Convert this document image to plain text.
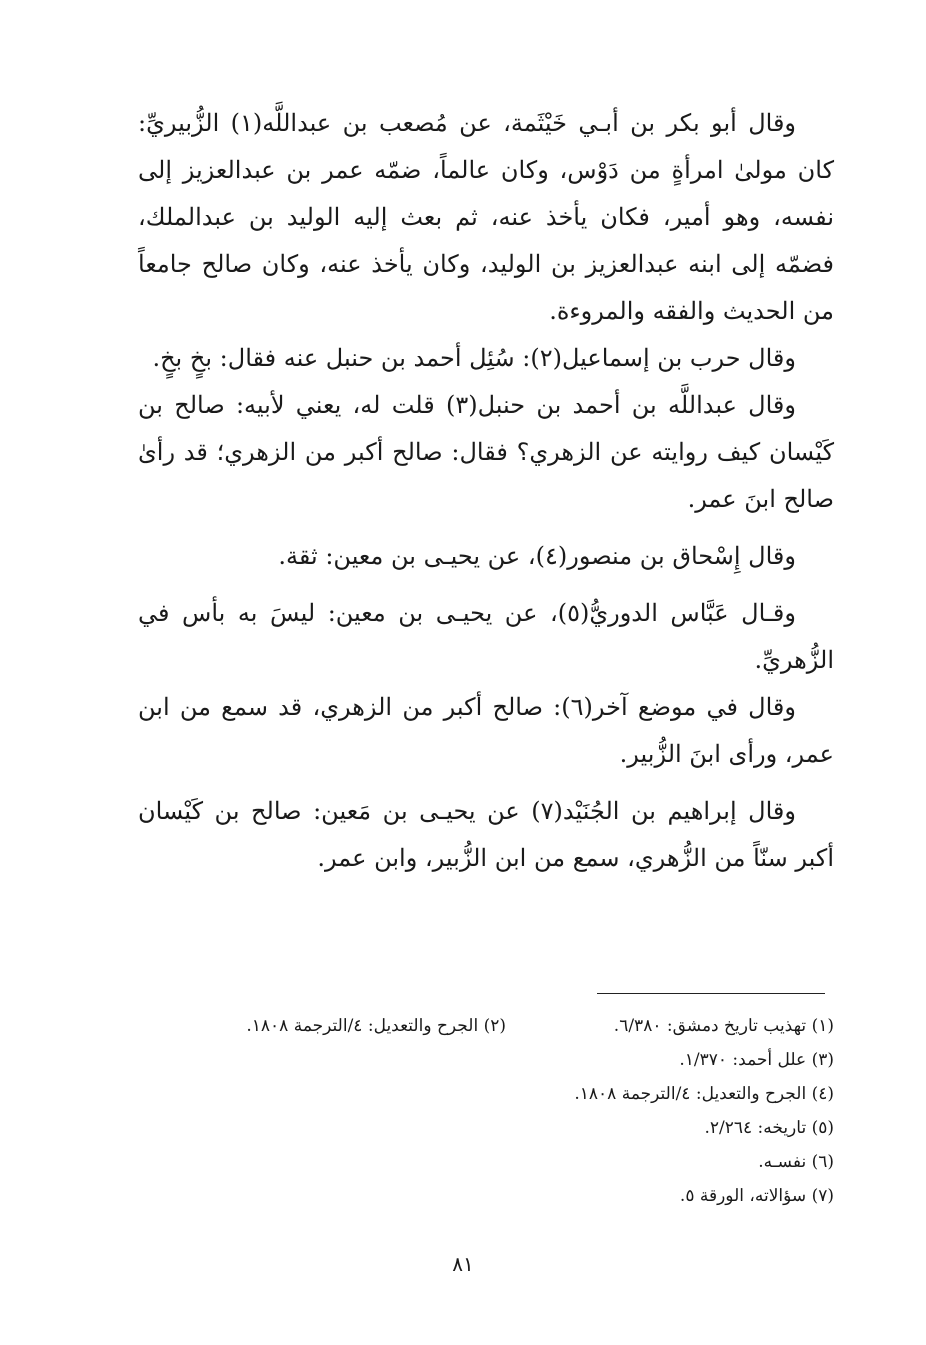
وقال أبو بكر بن أبـي خَيْثَمة، عن مُصعب بن عبداللَّه(١) الزُّبيريِّ: كان مولىٰ امرأةٍ من دَوْس، وكان عالماً، ضمّه عمر بن عبدالعزيز إلى نفسه، وهو أمير، فكان يأخذ عنه، ثم بعث إليه الوليد بن عبدالملك، فضمّه إلى ابنه عبدالعزيز بن الوليد، وكان يأخذ عنه، وكان صالح جامعاً من الحديث والفقه والمروءة.

وقال حرب بن إسماعيل(٢): سُئِل أحمد بن حنبل عنه فقال: بخٍ بخٍ.

وقال عبداللَّه بن أحمد بن حنبل(٣) قلت له، يعني لأبيه: صالح بن كَيْسان كيف روايته عن الزهري؟ فقال: صالح أكبر من الزهري؛ قد رأىٰ صالح ابنَ عمر.

وقال إِسْحاق بن منصور(٤)، عن يحيـى بن معين: ثقة.

وقـال عَبَّاس الدوريُّ(٥)، عن يحيـى بن معين: ليسَ به بأس في الزُّهريِّ.

وقال في موضع آخر(٦): صالح أكبر من الزهري، قد سمع من ابن عمر، ورأى ابنَ الزُّبير.

وقال إبراهيم بن الجُنَيْد(٧) عن يحيـى بن مَعين: صالح بن كَيْسان أكبر سنّاً من الزُّهري، سمع من ابن الزُّبير، وابن عمر.

(١) تهذيب تاريخ دمشق: ٦/٣٨٠.
(٢) الجرح والتعديل: ٤/الترجمة ١٨٠٨.
(٣) علل أحمد: ١/٣٧٠.
(٤) الجرح والتعديل: ٤/الترجمة ١٨٠٨.
(٥) تاريخه: ٢/٢٦٤.
(٦) نفسـه.
(٧) سؤالاته، الورقة ٥.
٨١
